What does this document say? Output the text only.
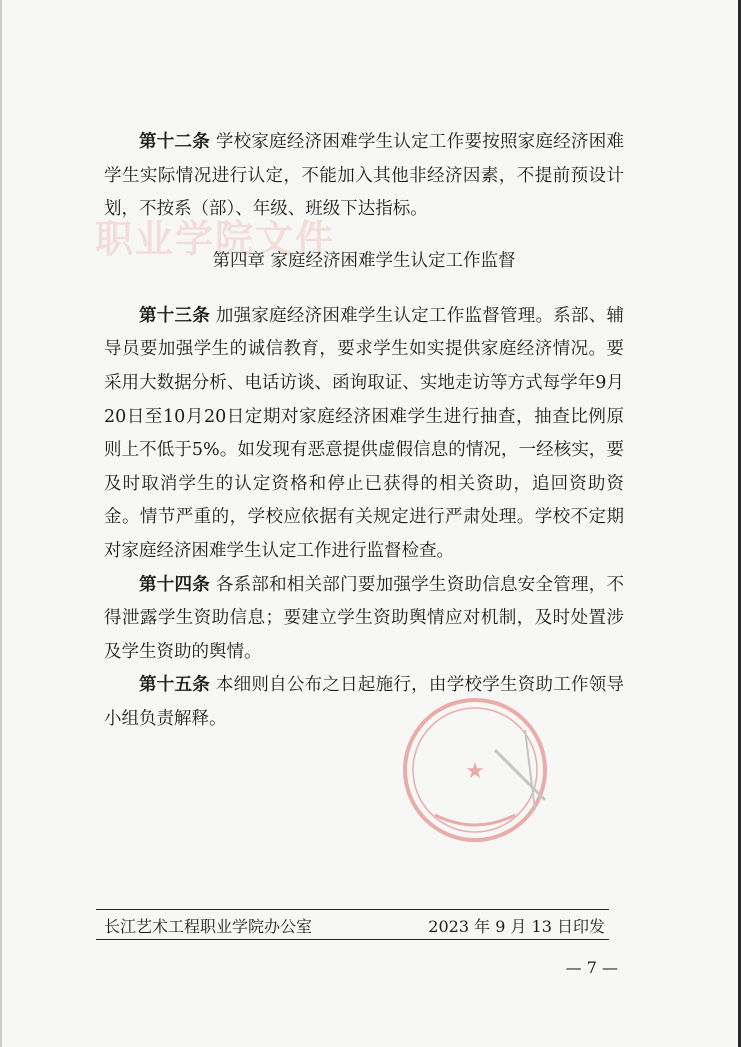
职业学院文件
★

第十二条 学校家庭经济困难学生认定工作要按照家庭经济困难学生实际情况进行认定，不能加入其他非经济因素，不提前预设计划，不按系（部）、年级、班级下达指标。

第四章 家庭经济困难学生认定工作监督

第十三条 加强家庭经济困难学生认定工作监督管理。系部、辅导员要加强学生的诚信教育，要求学生如实提供家庭经济情况。要采用大数据分析、电话访谈、函询取证、实地走访等方式每学年9月20日至10月20日定期对家庭经济困难学生进行抽查，抽查比例原则上不低于5%。如发现有恶意提供虚假信息的情况，一经核实，要及时取消学生的认定资格和停止已获得的相关资助，追回资助资金。情节严重的，学校应依据有关规定进行严肃处理。学校不定期对家庭经济困难学生认定工作进行监督检查。

第十四条 各系部和相关部门要加强学生资助信息安全管理，不得泄露学生资助信息；要建立学生资助舆情应对机制，及时处置涉及学生资助的舆情。

第十五条 本细则自公布之日起施行，由学校学生资助工作领导小组负责解释。

长江艺术工程职业学院办公室	2023 年 9 月 13 日印发
— 7 —
